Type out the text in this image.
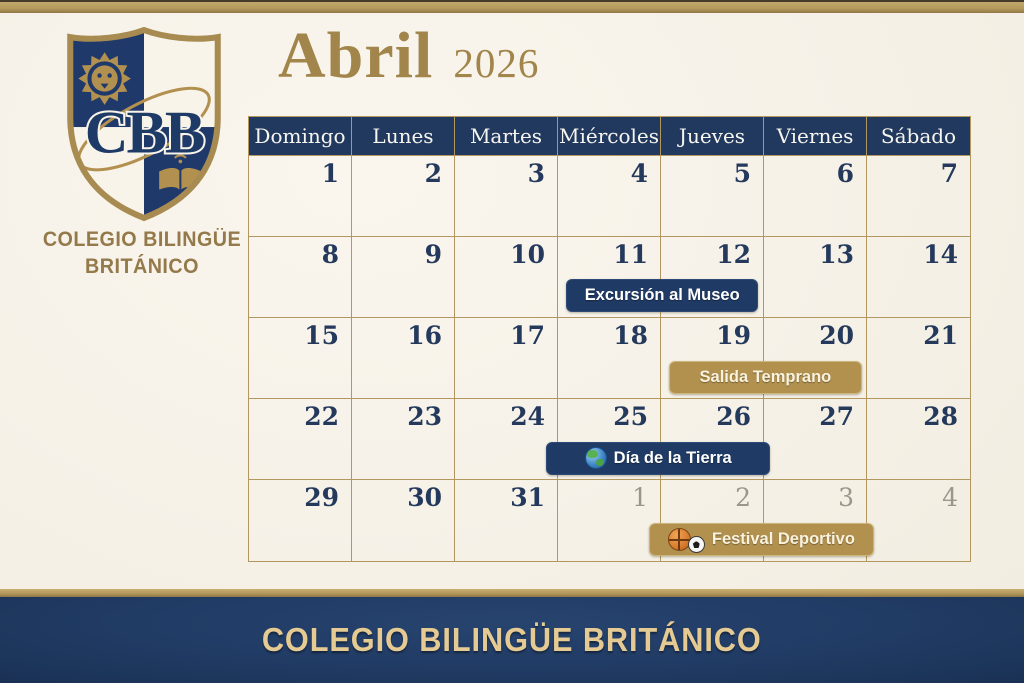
CBB
COLEGIO BILINGÜE
BRITÁNICO
Abril 2026
Domingo	Lunes	Martes Miércoles Jueves	Viernes	Sábado
1	2	3	4	5	6	7
8	9	10	11	12	13	14
15	16	17	18	19	20	21
22	23	24	25	26	27	28
29	30	31	1	2	3	4
Excursión al Museo
Salida Temprano
Día de la Tierra
Festival Deportivo
COLEGIO BILINGÜE BRITÁNICO
